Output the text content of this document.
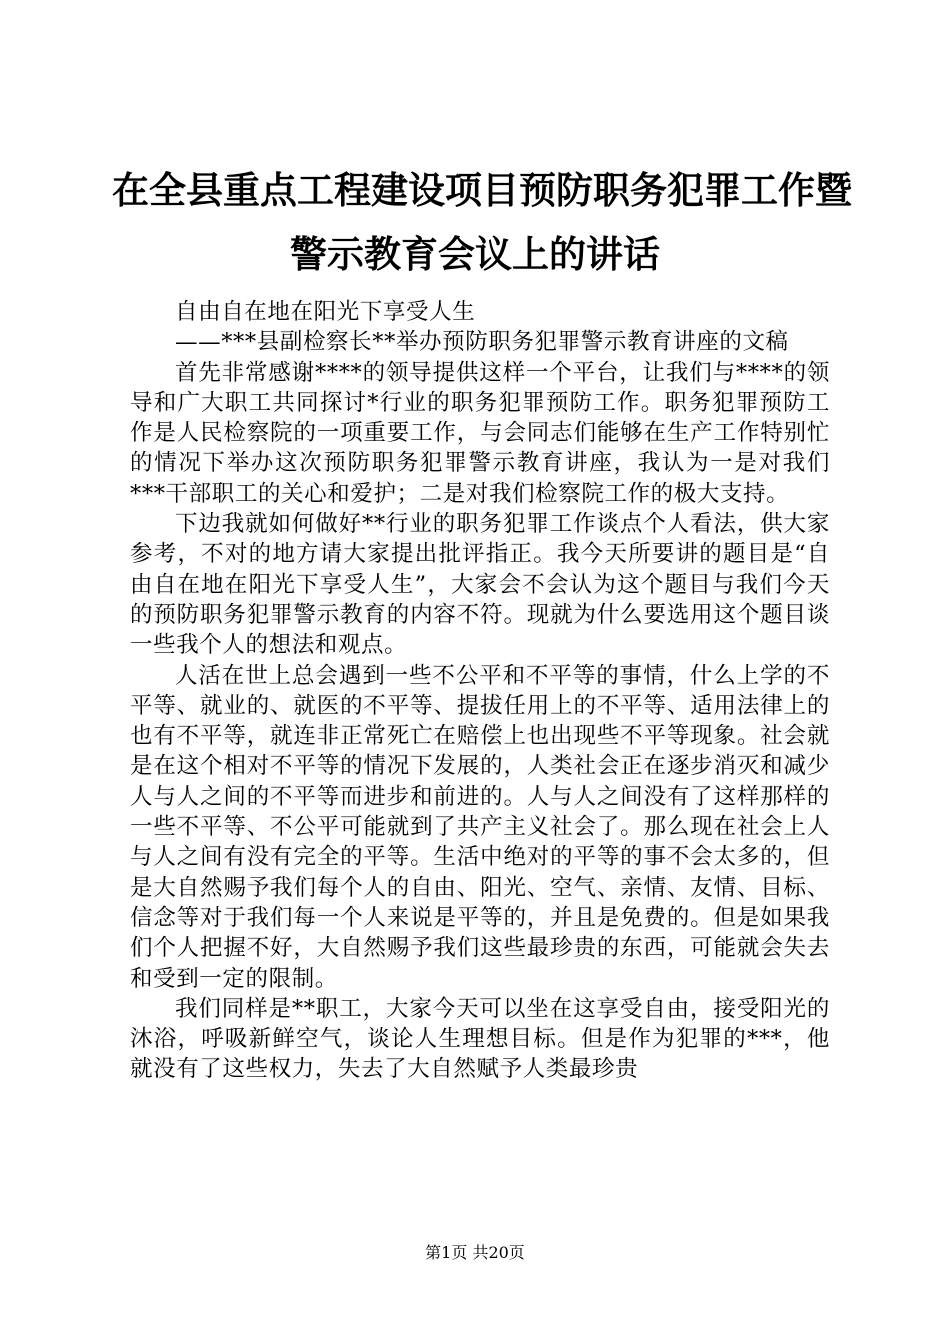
在全县重点工程建设项目预防职务犯罪工作暨
警示教育会议上的讲话

自由自在地在阳光下享受人生

——***县副检察长**举办预防职务犯罪警示教育讲座的文稿

首先非常感谢****的领导提供这样一个平台，让我们与****的领导和广大职工共同探讨*行业的职务犯罪预防工作。职务犯罪预防工作是人民检察院的一项重要工作，与会同志们能够在生产工作特别忙的情况下举办这次预防职务犯罪警示教育讲座，我认为一是对我们***干部职工的关心和爱护；二是对我们检察院工作的极大支持。

下边我就如何做好**行业的职务犯罪工作谈点个人看法，供大家参考，不对的地方请大家提出批评指正。我今天所要讲的题目是“自由自在地在阳光下享受人生”，大家会不会认为这个题目与我们今天的预防职务犯罪警示教育的内容不符。现就为什么要选用这个题目谈一些我个人的想法和观点。

人活在世上总会遇到一些不公平和不平等的事情，什么上学的不平等、就业的、就医的不平等、提拔任用上的不平等、适用法律上的也有不平等，就连非正常死亡在赔偿上也出现些不平等现象。社会就是在这个相对不平等的情况下发展的，人类社会正在逐步消灭和减少人与人之间的不平等而进步和前进的。人与人之间没有了这样那样的一些不平等、不公平可能就到了共产主义社会了。那么现在社会上人与人之间有没有完全的平等。生活中绝对的平等的事不会太多的，但是大自然赐予我们每个人的自由、阳光、空气、亲情、友情、目标、信念等对于我们每一个人来说是平等的，并且是免费的。但是如果我们个人把握不好，大自然赐予我们这些最珍贵的东西，可能就会失去和受到一定的限制。

我们同样是**职工，大家今天可以坐在这享受自由，接受阳光的沐浴，呼吸新鲜空气，谈论人生理想目标。但是作为犯罪的***，他就没有了这些权力，失去了大自然赋予人类最珍贵

第1页 共20页
